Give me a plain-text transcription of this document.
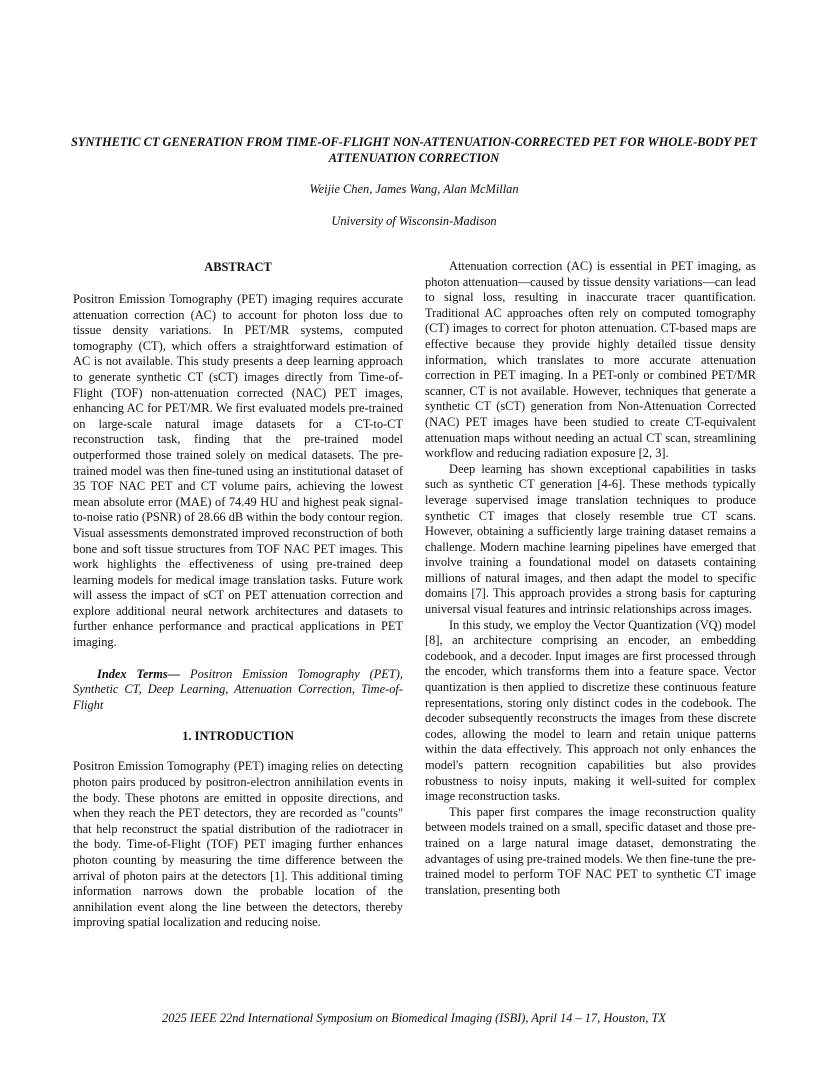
SYNTHETIC CT GENERATION FROM TIME-OF-FLIGHT NON-ATTENUATION-CORRECTED PET FOR WHOLE-BODY PET ATTENUATION CORRECTION
Weijie Chen, James Wang, Alan McMillan
University of Wisconsin-Madison
ABSTRACT

Positron Emission Tomography (PET) imaging requires accurate attenuation correction (AC) to account for photon loss due to tissue density variations. In PET/MR systems, computed tomography (CT), which offers a straightforward estimation of AC is not available. This study presents a deep learning approach to generate synthetic CT (sCT) images directly from Time-of-Flight (TOF) non-attenuation corrected (NAC) PET images, enhancing AC for PET/MR. We first evaluated models pre-trained on large-scale natural image datasets for a CT-to-CT reconstruction task, finding that the pre-trained model outperformed those trained solely on medical datasets. The pre-trained model was then fine-tuned using an institutional dataset of 35 TOF NAC PET and CT volume pairs, achieving the lowest mean absolute error (MAE) of 74.49 HU and highest peak signal-to-noise ratio (PSNR) of 28.66 dB within the body contour region. Visual assessments demonstrated improved reconstruction of both bone and soft tissue structures from TOF NAC PET images. This work highlights the effectiveness of using pre-trained deep learning models for medical image translation tasks. Future work will assess the impact of sCT on PET attenuation correction and explore additional neural network architectures and datasets to further enhance performance and practical applications in PET imaging.

Index Terms— Positron Emission Tomography (PET), Synthetic CT, Deep Learning, Attenuation Correction, Time-of-Flight

1. INTRODUCTION

Positron Emission Tomography (PET) imaging relies on detecting photon pairs produced by positron-electron annihilation events in the body. These photons are emitted in opposite directions, and when they reach the PET detectors, they are recorded as "counts" that help reconstruct the spatial distribution of the radiotracer in the body. Time-of-Flight (TOF) PET imaging further enhances photon counting by measuring the time difference between the arrival of photon pairs at the detectors [1]. This additional timing information narrows down the probable location of the annihilation event along the line between the detectors, thereby improving spatial localization and reducing noise.

Attenuation correction (AC) is essential in PET imaging, as photon attenuation—caused by tissue density variations—can lead to signal loss, resulting in inaccurate tracer quantification. Traditional AC approaches often rely on computed tomography (CT) images to correct for photon attenuation. CT-based maps are effective because they provide highly detailed tissue density information, which translates to more accurate attenuation correction in PET imaging. In a PET-only or combined PET/MR scanner, CT is not available. However, techniques that generate a synthetic CT (sCT) generation from Non-Attenuation Corrected (NAC) PET images have been studied to create CT-equivalent attenuation maps without needing an actual CT scan, streamlining workflow and reducing radiation exposure [2, 3].

Deep learning has shown exceptional capabilities in tasks such as synthetic CT generation [4-6]. These methods typically leverage supervised image translation techniques to produce synthetic CT images that closely resemble true CT scans. However, obtaining a sufficiently large training dataset remains a challenge. Modern machine learning pipelines have emerged that involve training a foundational model on datasets containing millions of natural images, and then adapt the model to specific domains [7]. This approach provides a strong basis for capturing universal visual features and intrinsic relationships across images.

In this study, we employ the Vector Quantization (VQ) model [8], an architecture comprising an encoder, an embedding codebook, and a decoder. Input images are first processed through the encoder, which transforms them into a feature space. Vector quantization is then applied to discretize these continuous feature representations, storing only distinct codes in the codebook. The decoder subsequently reconstructs the images from these discrete codes, allowing the model to learn and retain unique patterns within the data effectively. This approach not only enhances the model's pattern recognition capabilities but also provides robustness to noisy inputs, making it well-suited for complex image reconstruction tasks.

This paper first compares the image reconstruction quality between models trained on a small, specific dataset and those pre-trained on a large natural image dataset, demonstrating the advantages of using pre-trained models. We then fine-tune the pre-trained model to perform TOF NAC PET to synthetic CT image translation, presenting both

2025 IEEE 22nd International Symposium on Biomedical Imaging (ISBI), April 14 – 17, Houston, TX
